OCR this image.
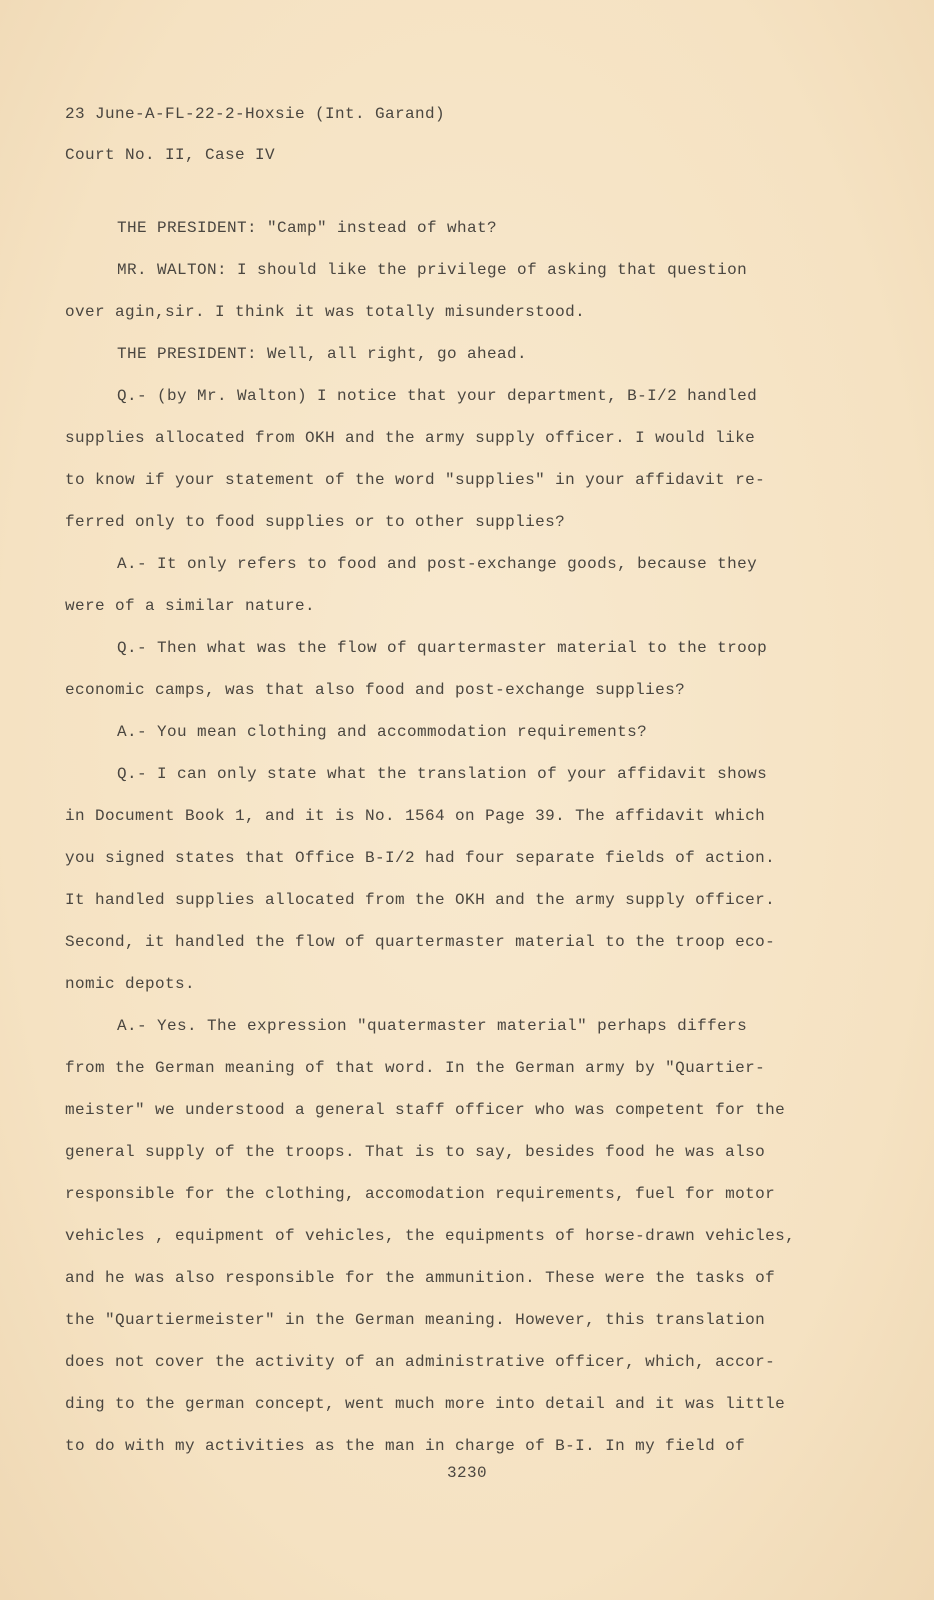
23 June-A-FL-22-2-Hoxsie (Int. Garand)
Court No. II, Case IV
THE PRESIDENT: "Camp" instead of what?
MR. WALTON: I should like the privilege of asking that question
over agin,sir. I think it was totally misunderstood.
THE PRESIDENT: Well, all right, go ahead.
Q.- (by Mr. Walton) I notice that your department, B-I/2 handled
supplies allocated from OKH and the army supply officer. I would like
to know if your statement of the word "supplies" in your affidavit re-
ferred only to food supplies or to other supplies?
A.- It only refers to food and post-exchange goods, because they
were of a similar nature.
Q.- Then what was the flow of quartermaster material to the troop
economic camps, was that also food and post-exchange supplies?
A.- You mean clothing and accommodation requirements?
Q.- I can only state what the translation of your affidavit shows
in Document Book 1, and it is No. 1564 on Page 39. The affidavit which
you signed states that Office B-I/2 had four separate fields of action.
It handled supplies allocated from the OKH and the army supply officer.
Second, it handled the flow of quartermaster material to the troop eco-
nomic depots.
A.- Yes. The expression "quatermaster material" perhaps differs
from the German meaning of that word. In the German army by "Quartier-
meister" we understood a general staff officer who was competent for the
general supply of the troops. That is to say, besides food he was also
responsible for the clothing, accomodation requirements, fuel for motor
vehicles , equipment of vehicles, the equipments of horse-drawn vehicles,
and he was also responsible for the ammunition. These were the tasks of
the "Quartiermeister" in the German meaning. However, this translation
does not cover the activity of an administrative officer, which, accor-
ding to the german concept, went much more into detail and it was little
to do with my activities as the man in charge of B-I. In my field of
3230
